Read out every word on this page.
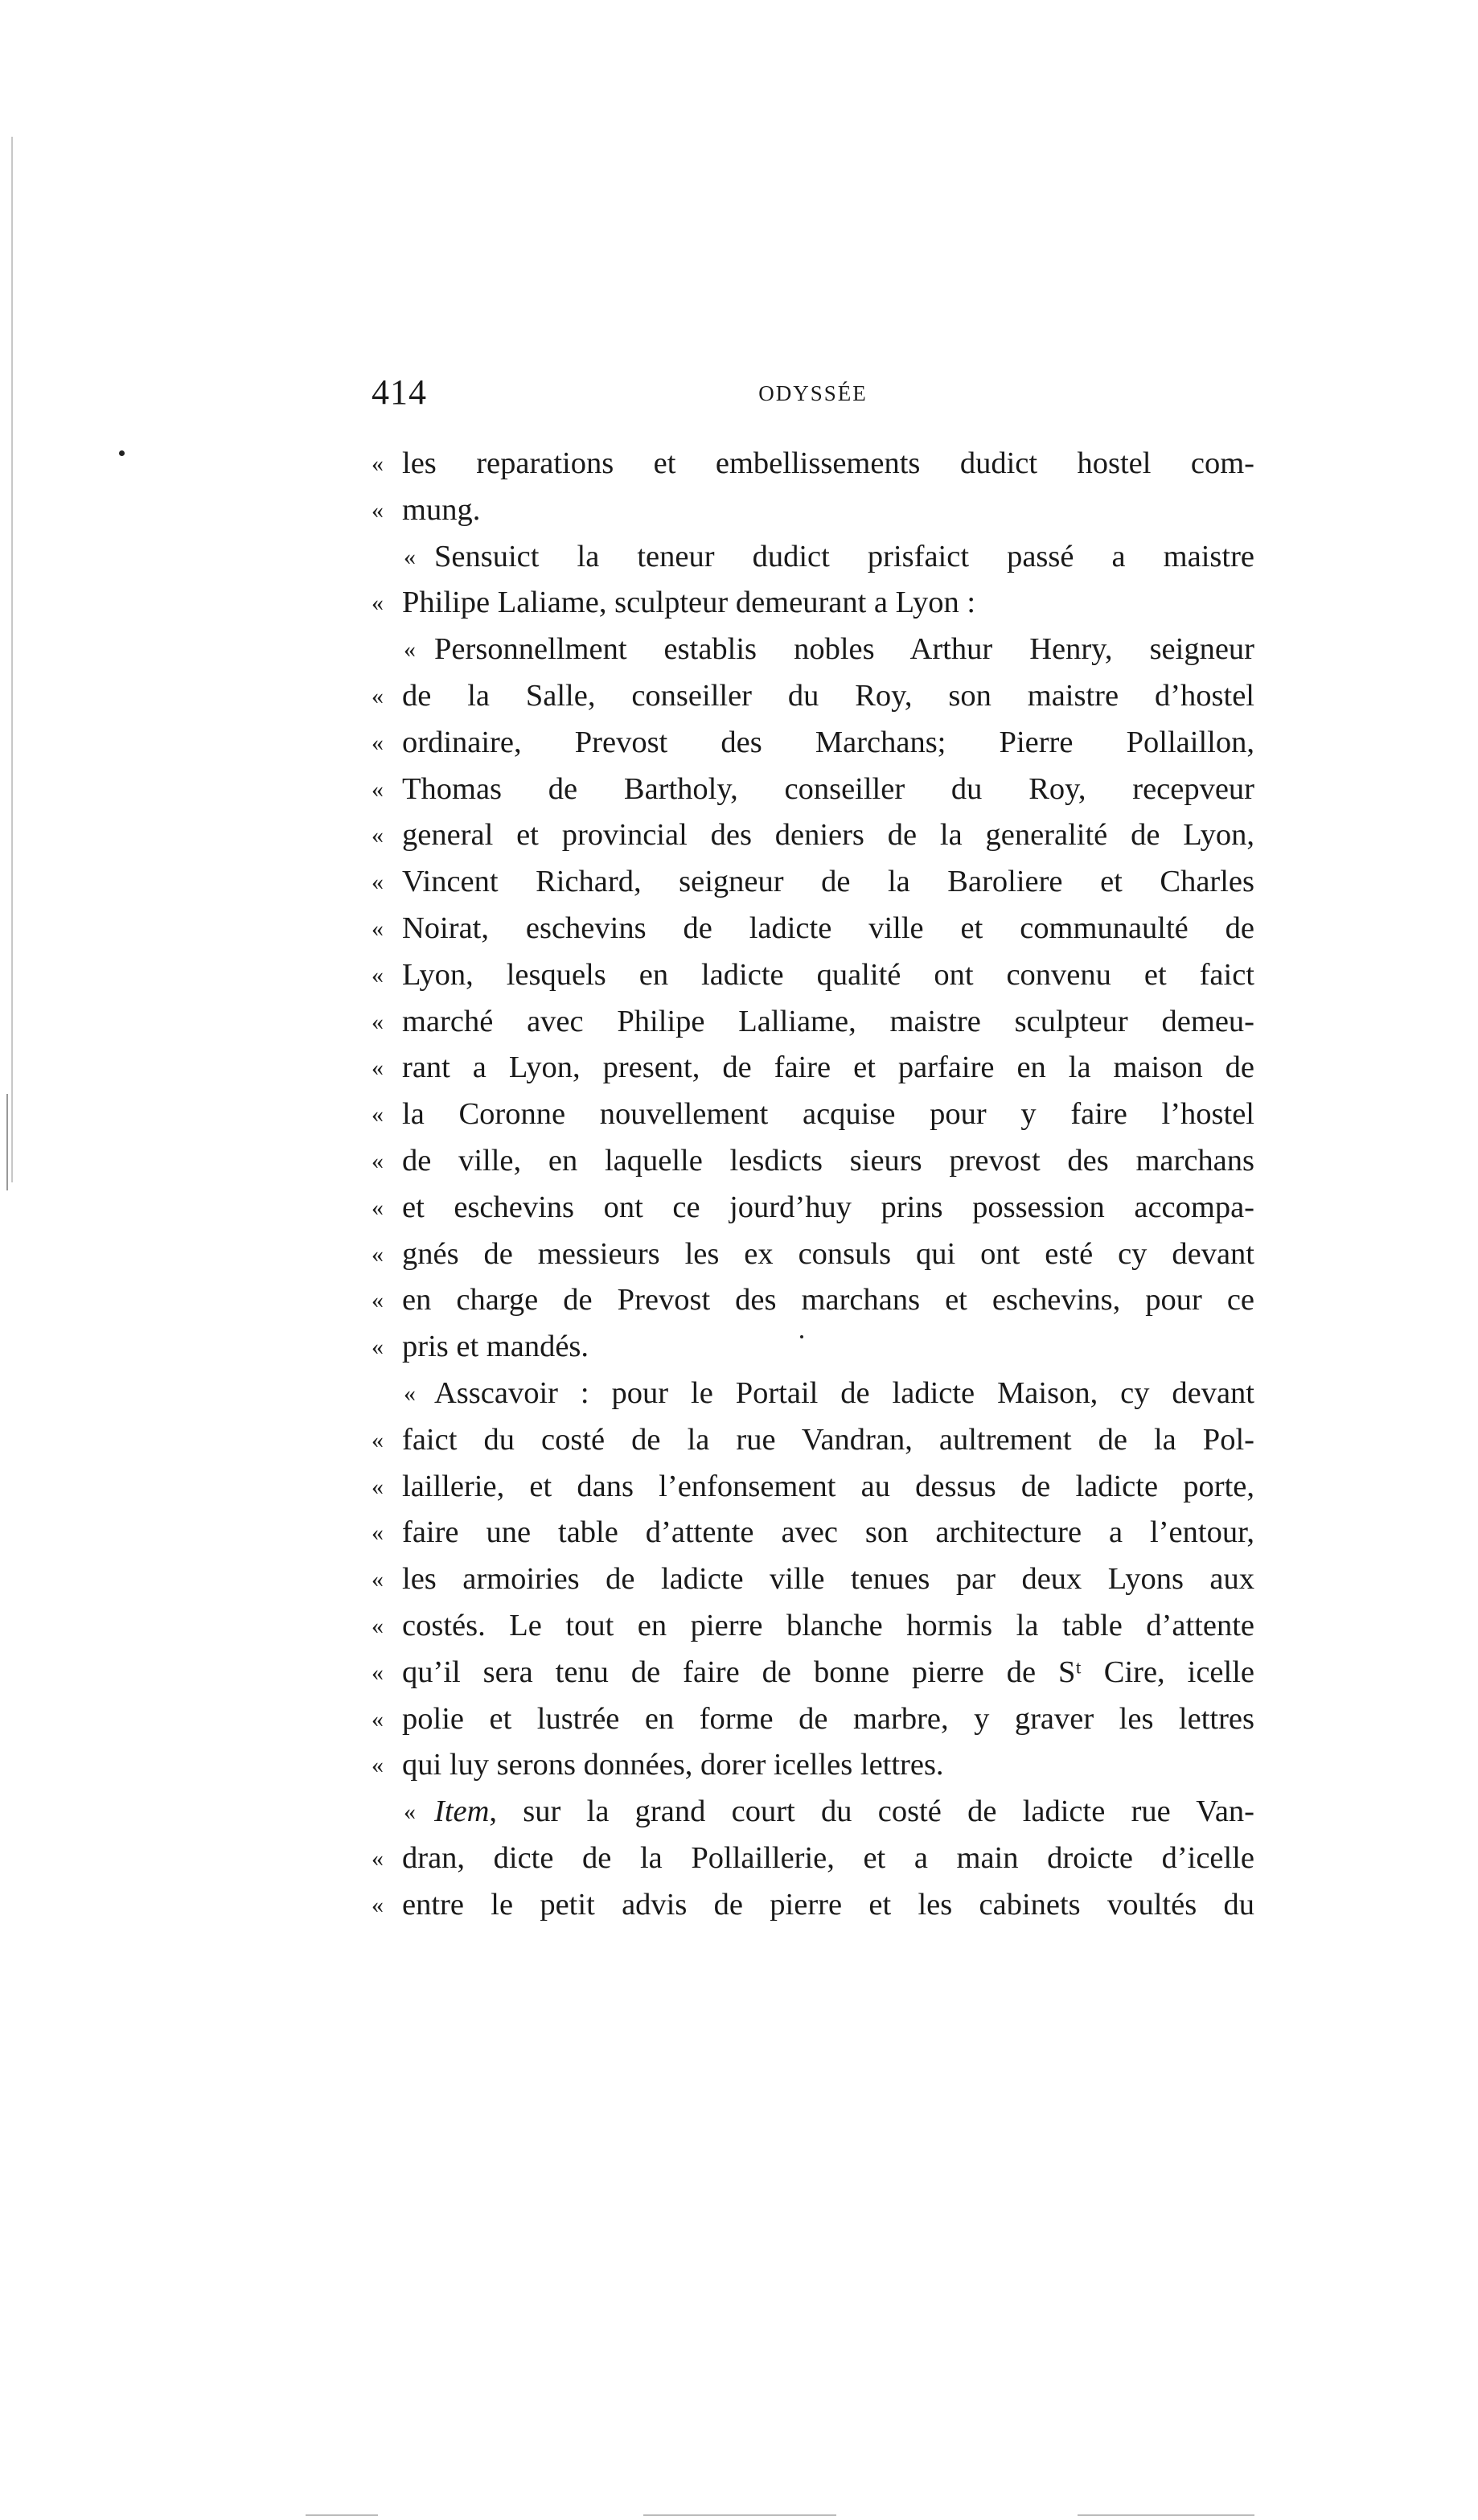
414	ODYSSÉE
« les reparations et embellissements dudict hostel com-
« mung.
« Sensuict la teneur dudict prisfaict passé a maistre
« Philipe Laliame, sculpteur demeurant a Lyon :
« Personnellment establis nobles Arthur Henry, seigneur
« de la Salle, conseiller du Roy, son maistre d’hostel
« ordinaire, Prevost des Marchans; Pierre Pollaillon,
« Thomas de Bartholy, conseiller du Roy, recepveur
« general et provincial des deniers de la generalité de Lyon,
« Vincent Richard, seigneur de la Baroliere et Charles
« Noirat, eschevins de ladicte ville et communaulté de
« Lyon, lesquels en ladicte qualité ont convenu et faict
« marché avec Philipe Lalliame, maistre sculpteur demeu-
« rant a Lyon, present, de faire et parfaire en la maison de
« la Coronne nouvellement acquise pour y faire l’hostel
« de ville, en laquelle lesdicts sieurs prevost des marchans
« et eschevins ont ce jourd’huy prins possession accompa-
« gnés de messieurs les ex consuls qui ont esté cy devant
« en charge de Prevost des marchans et eschevins, pour ce
« pris et mandés.
« Asscavoir : pour le Portail de ladicte Maison, cy devant
« faict du costé de la rue Vandran, aultrement de la Pol-
« laillerie, et dans l’enfonsement au dessus de ladicte porte,
« faire une table d’attente avec son architecture a l’entour,
« les armoiries de ladicte ville tenues par deux Lyons aux
« costés. Le tout en pierre blanche hormis la table d’attente
« qu’il sera tenu de faire de bonne pierre de Sᵗ Cire, icelle
« polie et lustrée en forme de marbre, y graver les lettres
« qui luy serons données, dorer icelles lettres.
« Item, sur la grand court du costé de ladicte rue Van-
« dran, dicte de la Pollaillerie, et a main droicte d’icelle
« entre le petit advis de pierre et les cabinets voultés du
